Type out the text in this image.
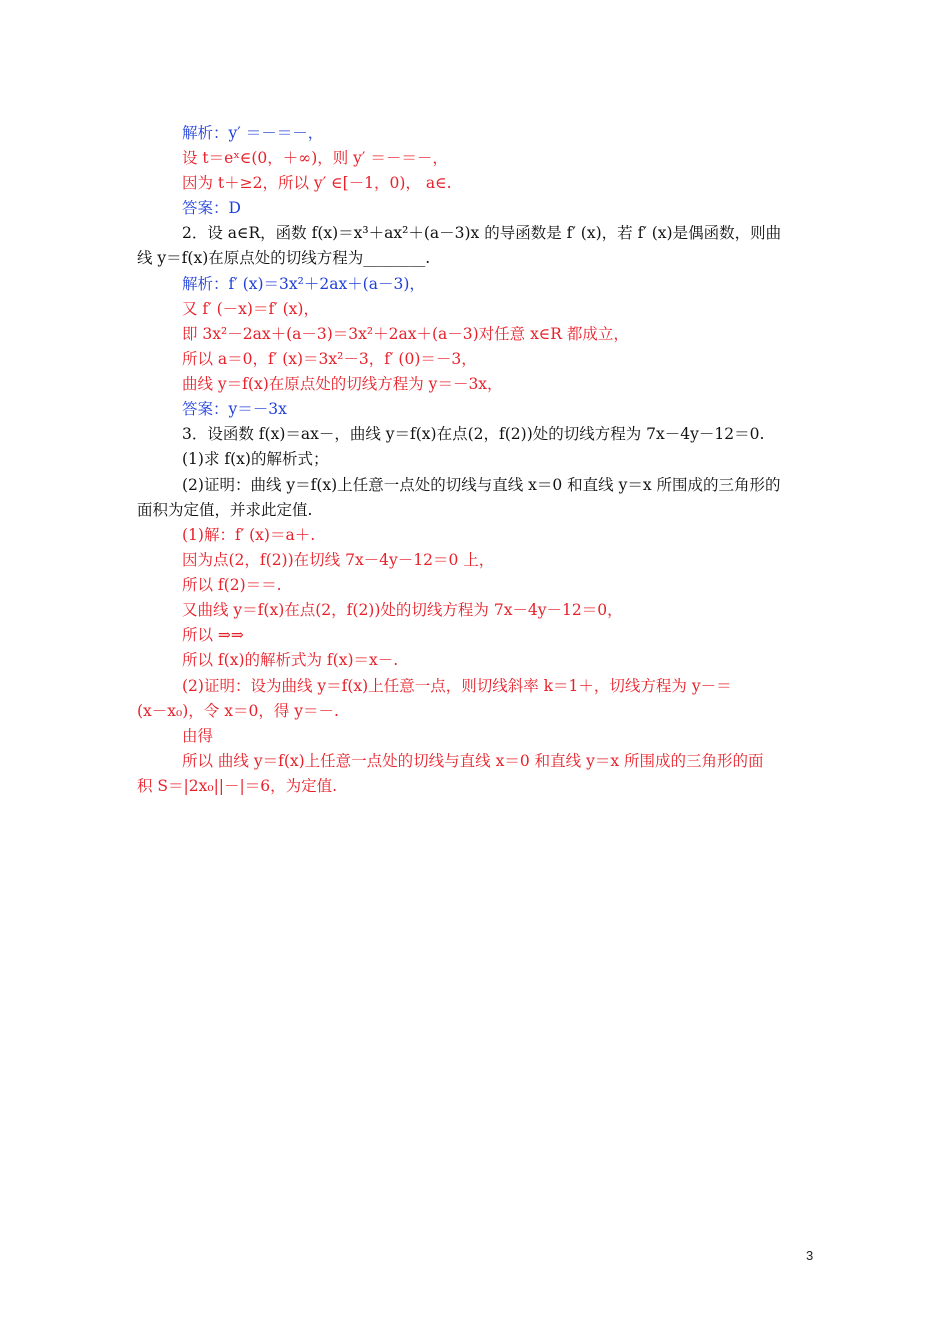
解析：y′ ＝－＝－，
设 t＝eˣ∈(0，＋∞)，则 y′ ＝－＝－，
因为 t＋≥2，所以 y′ ∈[－1，0)， a∈.
答案：D
2．设 a∈R，函数 f(x)＝x³＋ax²＋(a－3)x 的导函数是 f′ (x)，若 f′ (x)是偶函数，则曲
线 y＝f(x)在原点处的切线方程为________.
解析：f′ (x)＝3x²＋2ax＋(a－3)，
又 f′ (－x)＝f′ (x)，
即 3x²－2ax＋(a－3)＝3x²＋2ax＋(a－3)对任意 x∈R 都成立，
所以 a＝0，f′ (x)＝3x²－3，f′ (0)＝－3，
曲线 y＝f(x)在原点处的切线方程为 y＝－3x，
答案：y＝－3x
3．设函数 f(x)＝ax－，曲线 y＝f(x)在点(2，f(2))处的切线方程为 7x－4y－12＝0.
(1)求 f(x)的解析式；
(2)证明：曲线 y＝f(x)上任意一点处的切线与直线 x＝0 和直线 y＝x 所围成的三角形的
面积为定值，并求此定值.
(1)解：f′ (x)＝a＋.
因为点(2，f(2))在切线 7x－4y－12＝0 上，
所以 f(2)＝＝.
又曲线 y＝f(x)在点(2，f(2))处的切线方程为 7x－4y－12＝0，
所以 ⇒⇒
所以 f(x)的解析式为 f(x)＝x－.
(2)证明：设为曲线 y＝f(x)上任意一点，则切线斜率 k＝1＋，切线方程为 y－＝
(x－x₀)，令 x＝0，得 y＝－.
由得
所以 曲线 y＝f(x)上任意一点处的切线与直线 x＝0 和直线 y＝x 所围成的三角形的面
积 S＝|2x₀||－|＝6，为定值.
3
